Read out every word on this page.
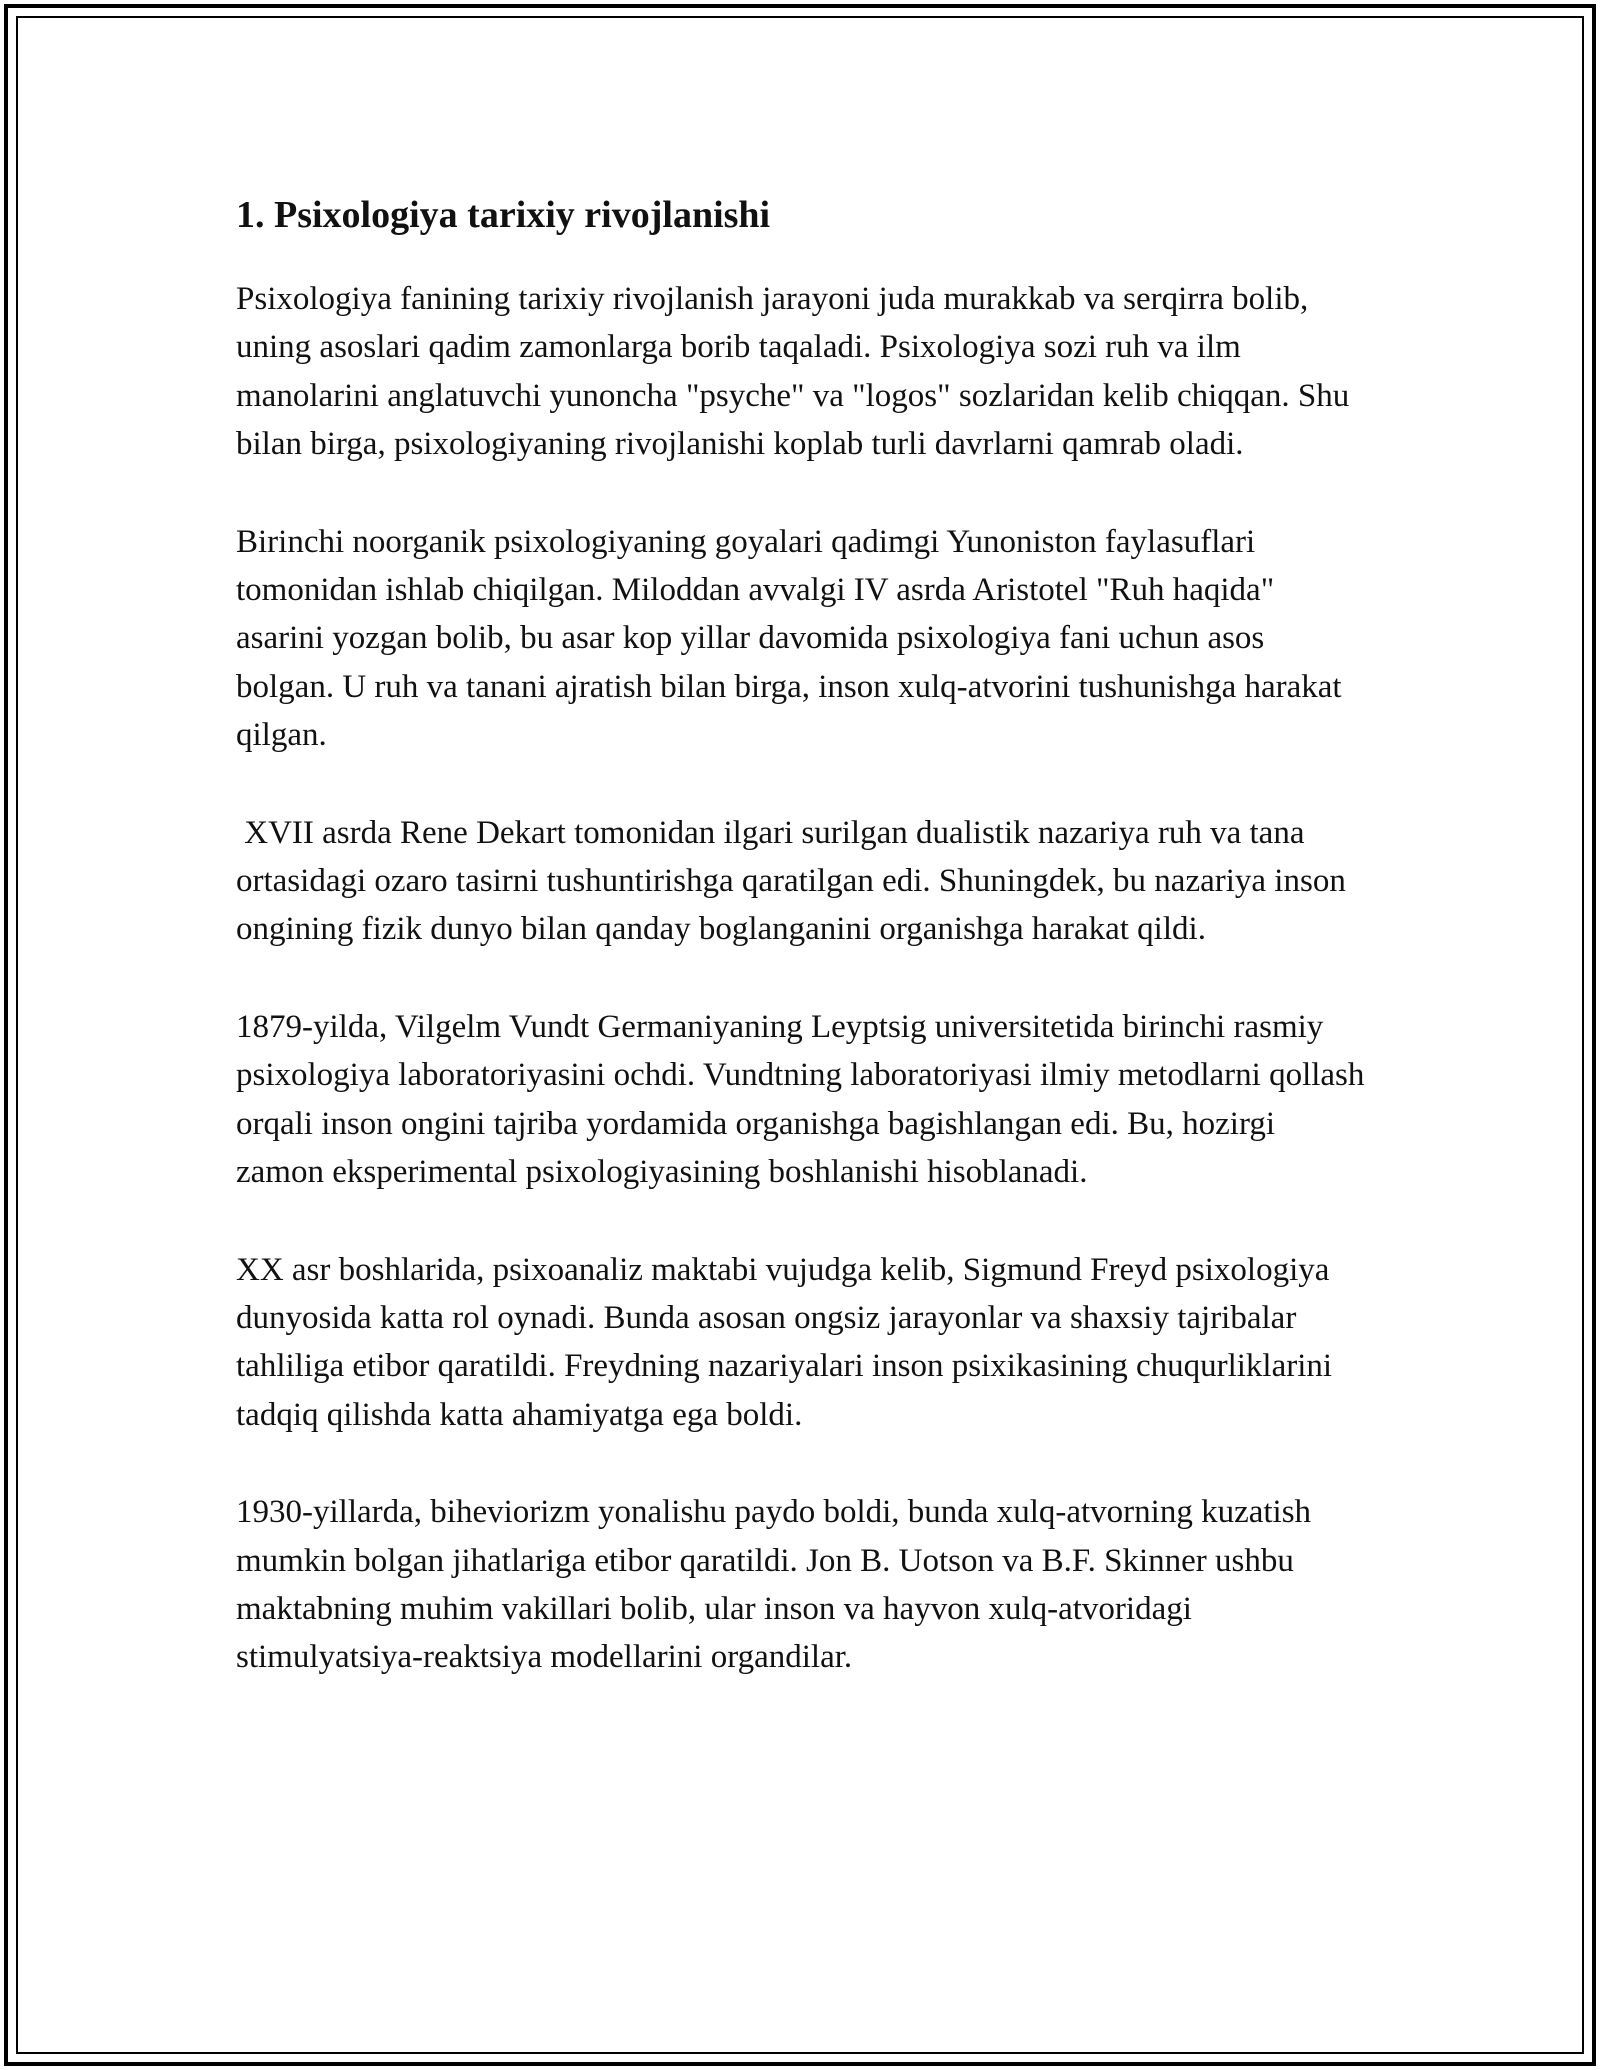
1. Psixologiya tarixiy rivojlanishi

Psixologiya fanining tarixiy rivojlanish jarayoni juda murakkab va serqirra bolib, uning asoslari qadim zamonlarga borib taqaladi. Psixologiya sozi ruh va ilm manolarini anglatuvchi yunoncha "psyche" va "logos" sozlaridan kelib chiqqan. Shu bilan birga, psixologiyaning rivojlanishi koplab turli davrlarni qamrab oladi.

Birinchi noorganik psixologiyaning goyalari qadimgi Yunoniston faylasuflari tomonidan ishlab chiqilgan. Miloddan avvalgi IV asrda Aristotel "Ruh haqida" asarini yozgan bolib, bu asar kop yillar davomida psixologiya fani uchun asos bolgan. U ruh va tanani ajratish bilan birga, inson xulq-atvorini tushunishga harakat qilgan.

XVII asrda Rene Dekart tomonidan ilgari surilgan dualistik nazariya ruh va tana ortasidagi ozaro tasirni tushuntirishga qaratilgan edi. Shuningdek, bu nazariya inson ongining fizik dunyo bilan qanday boglanganini organishga harakat qildi.

1879-yilda, Vilgelm Vundt Germaniyaning Leyptsig universitetida birinchi rasmiy psixologiya laboratoriyasini ochdi. Vundtning laboratoriyasi ilmiy metodlarni qollash orqali inson ongini tajriba yordamida organishga bagishlangan edi. Bu, hozirgi zamon eksperimental psixologiyasining boshlanishi hisoblanadi.

XX asr boshlarida, psixoanaliz maktabi vujudga kelib, Sigmund Freyd psixologiya dunyosida katta rol oynadi. Bunda asosan ongsiz jarayonlar va shaxsiy tajribalar tahliliga etibor qaratildi. Freydning nazariyalari inson psixikasining chuqurliklarini tadqiq qilishda katta ahamiyatga ega boldi.

1930-yillarda, biheviorizm yonalishu paydo boldi, bunda xulq-atvorning kuzatish mumkin bolgan jihatlariga etibor qaratildi. Jon B. Uotson va B.F. Skinner ushbu maktabning muhim vakillari bolib, ular inson va hayvon xulq-atvoridagi stimulyatsiya-reaktsiya modellarini organdilar.
